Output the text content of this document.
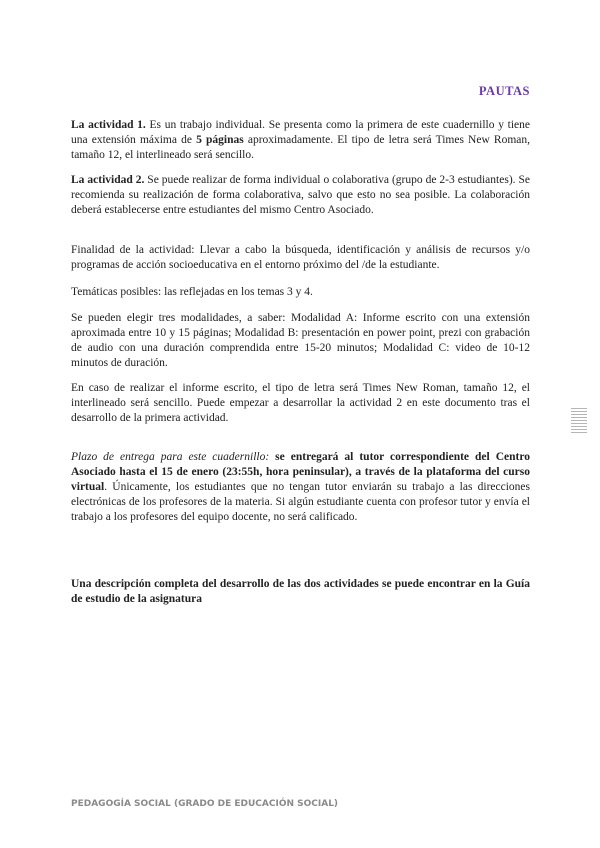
PAUTAS
La actividad 1. Es un trabajo individual. Se presenta como la primera de este cuadernillo y tiene una extensión máxima de 5 páginas aproximadamente. El tipo de letra será Times New Roman, tamaño 12, el interlineado será sencillo.
La actividad 2. Se puede realizar de forma individual o colaborativa (grupo de 2-3 estudiantes). Se recomienda su realización de forma colaborativa, salvo que esto no sea posible. La colaboración deberá establecerse entre estudiantes del mismo Centro Asociado.
Finalidad de la actividad: Llevar a cabo la búsqueda, identificación y análisis de recursos y/o programas de acción socioeducativa en el entorno próximo del /de la estudiante.
Temáticas posibles: las reflejadas en los temas 3 y 4.
Se pueden elegir tres modalidades, a saber: Modalidad A: Informe escrito con una extensión aproximada entre 10 y 15 páginas; Modalidad B: presentación en power point, prezi con grabación de audio con una duración comprendida entre 15-20 minutos; Modalidad C: video de 10-12 minutos de duración.
En caso de realizar el informe escrito, el tipo de letra será Times New Roman, tamaño 12, el interlineado será sencillo. Puede empezar a desarrollar la actividad 2 en este documento tras el desarrollo de la primera actividad.
Plazo de entrega para este cuadernillo: se entregará al tutor correspondiente del Centro Asociado hasta el 15 de enero (23:55h, hora peninsular), a través de la plataforma del curso virtual. Únicamente, los estudiantes que no tengan tutor enviarán su trabajo a las direcciones electrónicas de los profesores de la materia. Si algún estudiante cuenta con profesor tutor y envía el trabajo a los profesores del equipo docente, no será calificado.
Una descripción completa del desarrollo de las dos actividades se puede encontrar en la Guía de estudio de la asignatura
PEDAGOGÍA SOCIAL (GRADO DE EDUCACIÓN SOCIAL)
